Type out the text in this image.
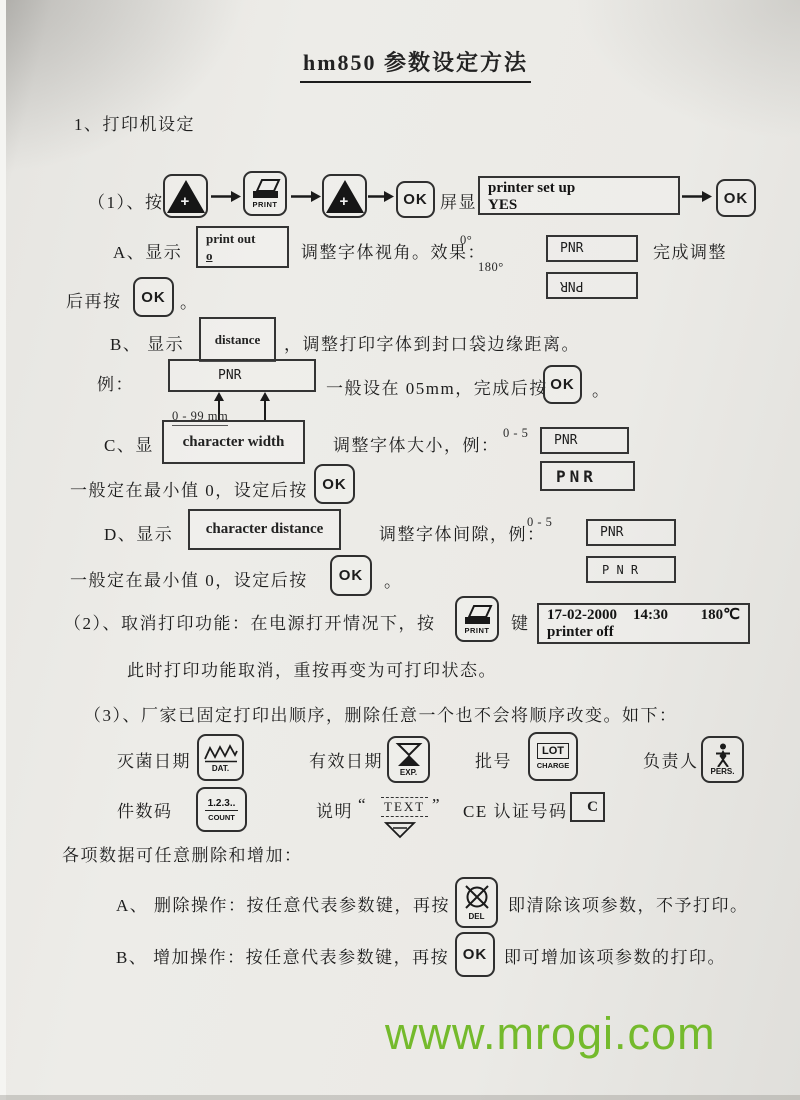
hm850 参数设定方法
1、打印机设定
（1）、按 +	PRINT	+	OK 屏显
printer set up
YES	OK
A、显示
print out
o	调整字体视角。效果：
0°
PNR	完成调整
180°
PNR
后再按 OK 。
B、 显示 distance ，调整打印字体到封口袋边缘距离。
例：	PNR
一般设在 05mm，完成后按 OK 。
0 - 99 mm
C、显 character width	调整字体大小，例：
0 - 5 PNR
PNR
一般定在最小值 0，设定后按 OK
D、显示 character distance	调整字体间隙，例：
0 - 5
PNR
一般定在最小值 0，设定后按 OK 。
P N R
（2）、取消打印功能：在电源打开情况下，按	PRINT 键 17-02-2000 14:30 180℃
printer off
此时打印功能取消，重按再变为可打印状态。
（3）、厂家已固定打印出顺序，删除任意一个也不会将顺序改变。如下：
灭菌日期	DAT.	有效日期
EXP.
批号
LOT
CHARGE	负责人
PERS.
件数码	1.2.3..
COUNT	说明 “ TEXT ” CE 认证号码 C
各项数据可任意删除和增加：
A、 删除操作：按任意代表参数键，再按
DEL
即清除该项参数，不予打印。
B、 增加操作：按任意代表参数键，再按 OK 即可增加该项参数的打印。
www.mrogi.com
